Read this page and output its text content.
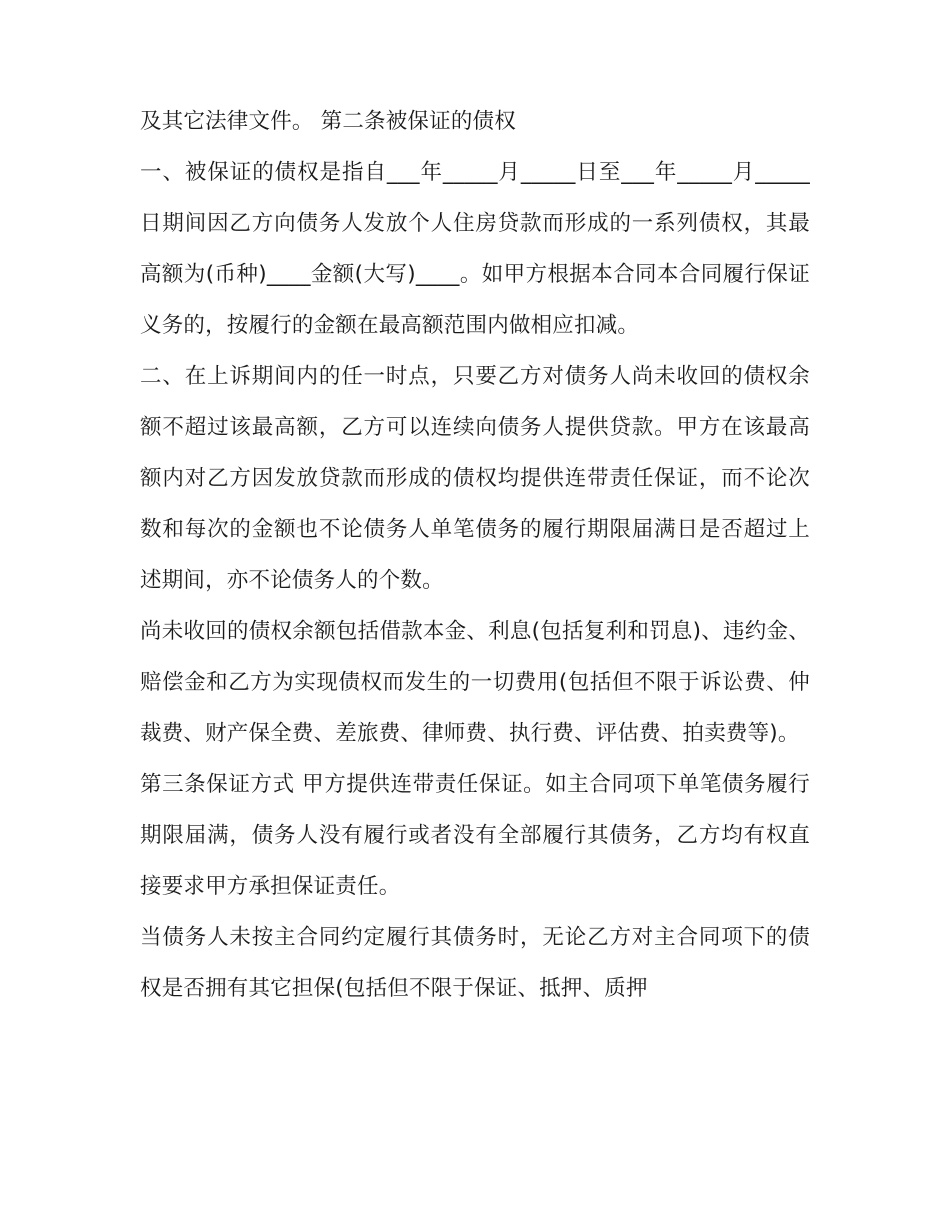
及其它法律文件。 第二条被保证的债权

一、被保证的债权是指自___年_____月_____日至___年_____月_____日期间因乙方向债务人发放个人住房贷款而形成的一系列债权，其最高额为(币种)____金额(大写)____。如甲方根据本合同本合同履行保证义务的，按履行的金额在最高额范围内做相应扣减。

二、在上诉期间内的任一时点，只要乙方对债务人尚未收回的债权余额不超过该最高额，乙方可以连续向债务人提供贷款。甲方在该最高额内对乙方因发放贷款而形成的债权均提供连带责任保证，而不论次数和每次的金额也不论债务人单笔债务的履行期限届满日是否超过上述期间，亦不论债务人的个数。

尚未收回的债权余额包括借款本金、利息(包括复利和罚息)、违约金、赔偿金和乙方为实现债权而发生的一切费用(包括但不限于诉讼费、仲裁费、财产保全费、差旅费、律师费、执行费、评估费、拍卖费等)。

第三条保证方式 甲方提供连带责任保证。如主合同项下单笔债务履行期限届满，债务人没有履行或者没有全部履行其债务，乙方均有权直接要求甲方承担保证责任。

当债务人未按主合同约定履行其债务时，无论乙方对主合同项下的债权是否拥有其它担保(包括但不限于保证、抵押、质押
